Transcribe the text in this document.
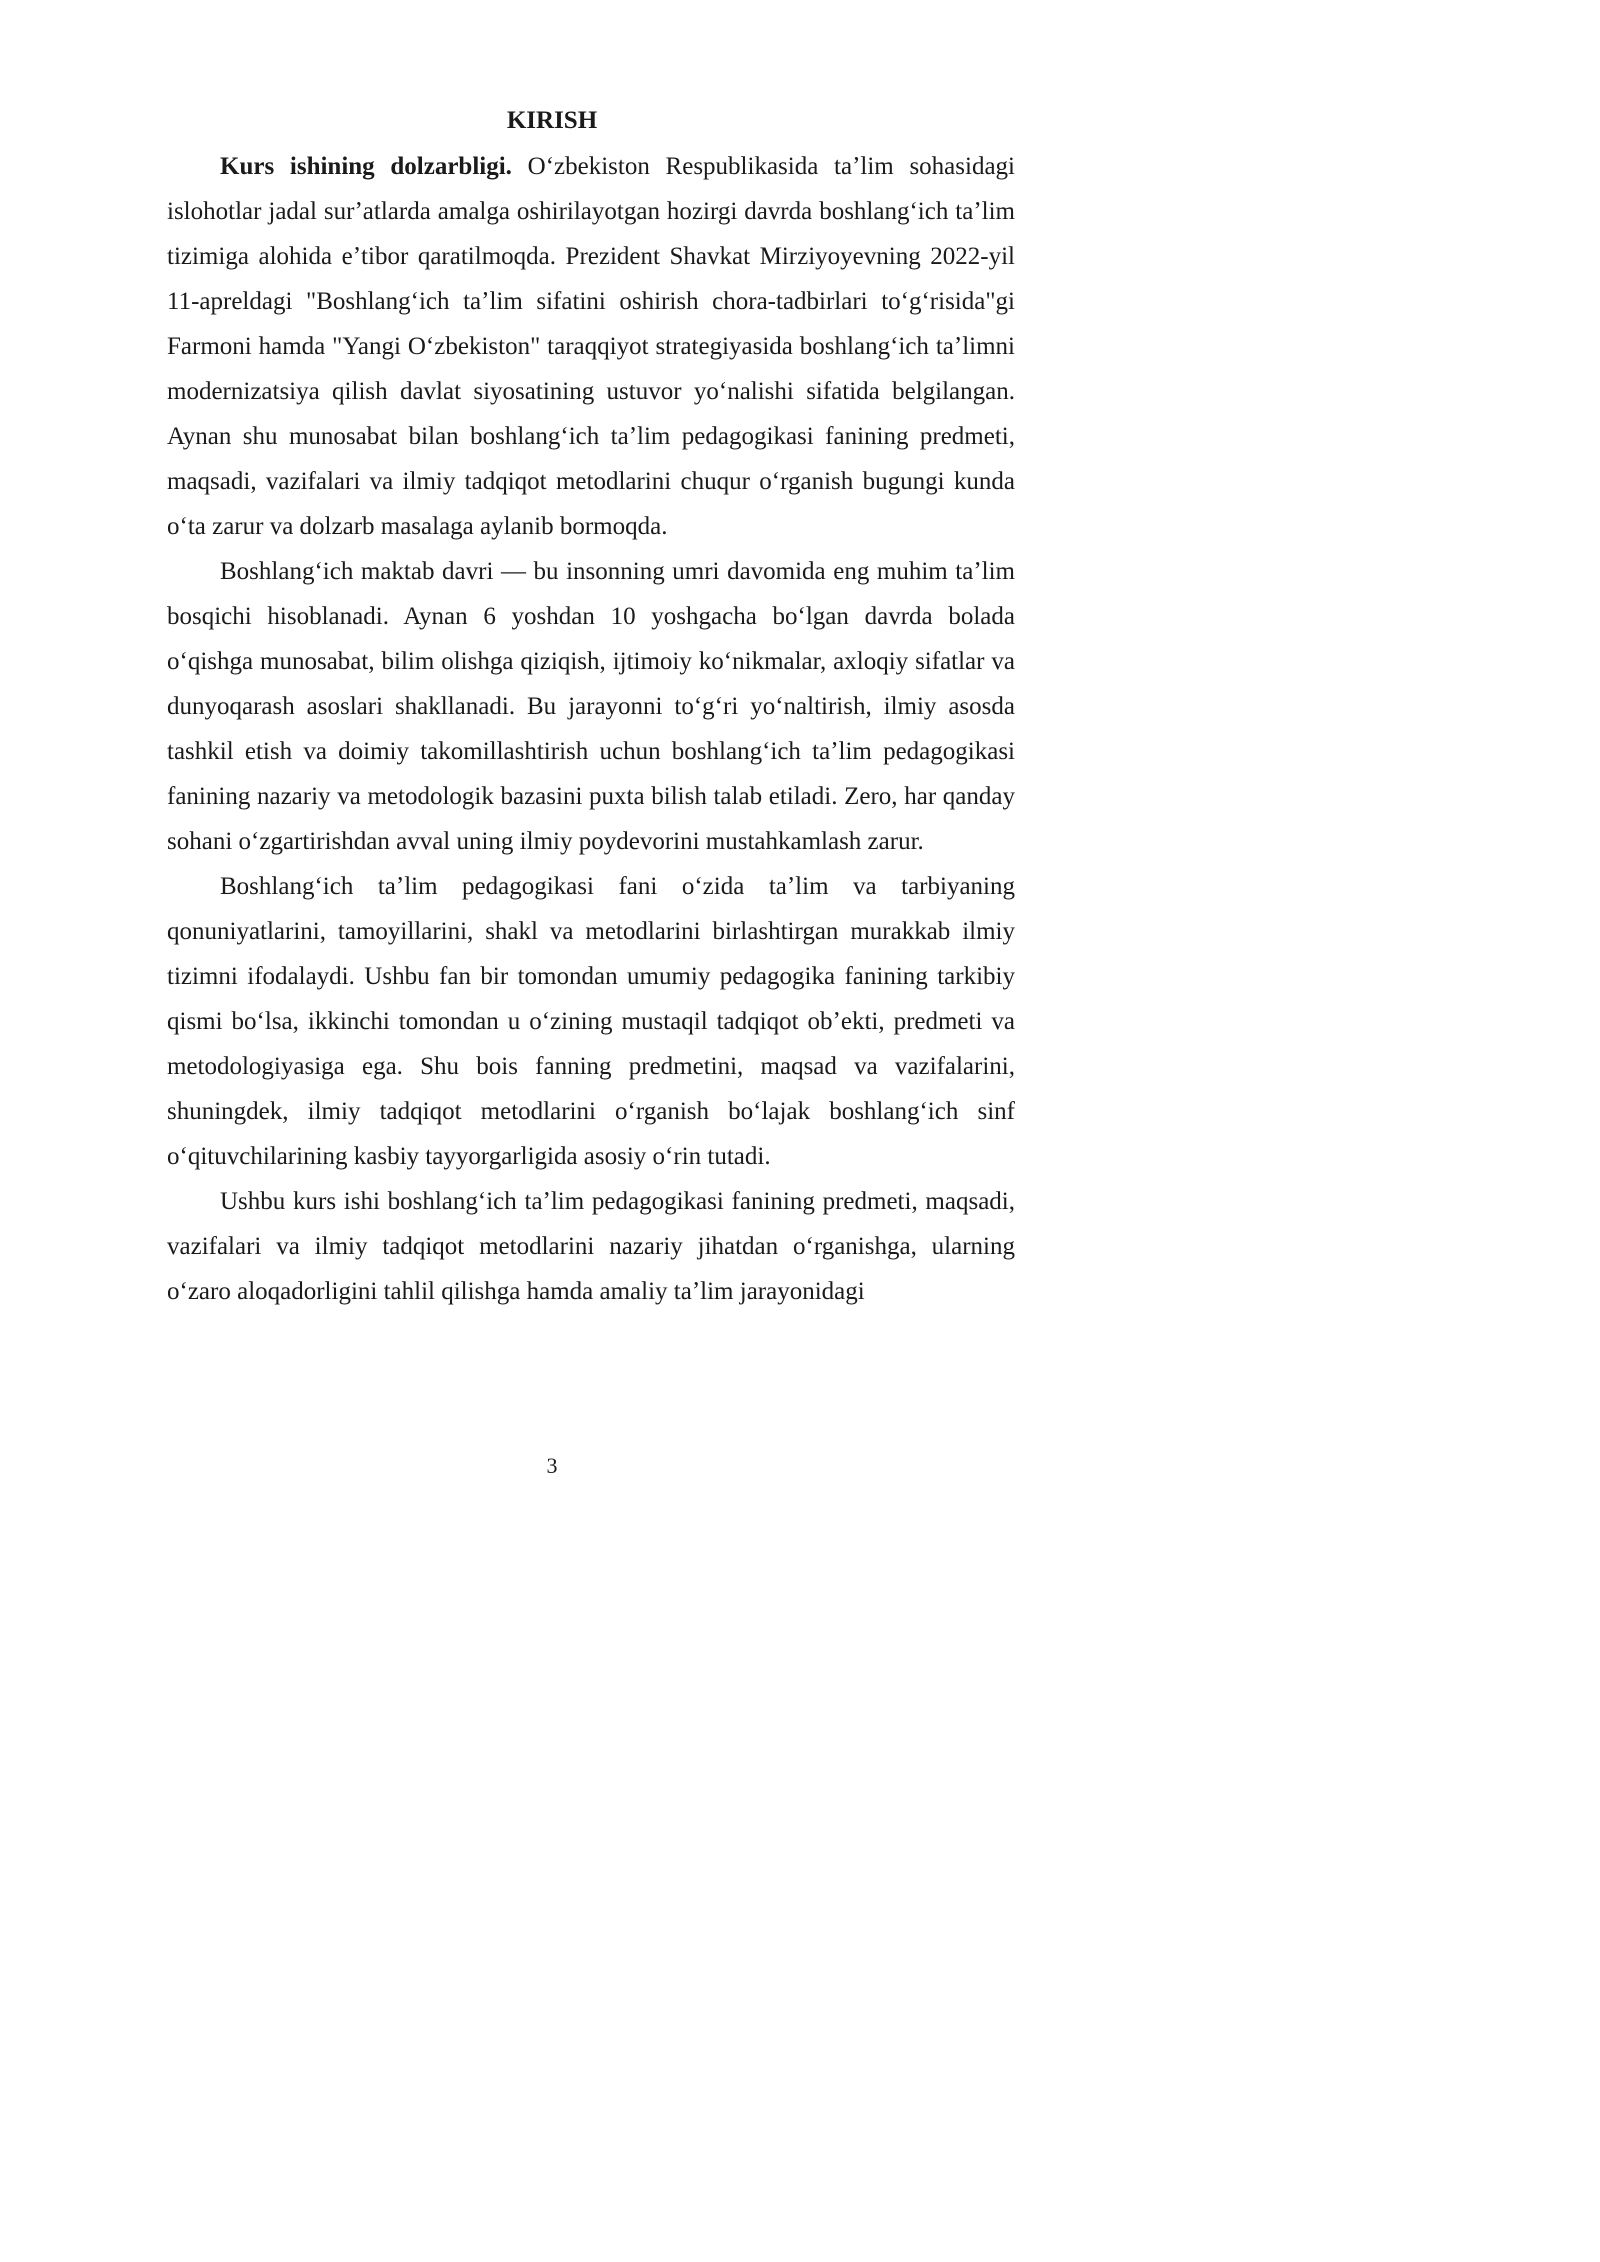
KIRISH

Kurs ishining dolzarbligi. Oʻzbekiston Respublikasida taʼlim sohasidagi islohotlar jadal surʼatlarda amalga oshirilayotgan hozirgi davrda boshlangʻich taʼlim tizimiga alohida eʼtibor qaratilmoqda. Prezident Shavkat Mirziyoyevning 2022-yil 11-apreldagi "Boshlangʻich taʼlim sifatini oshirish chora-tadbirlari toʻgʻrisida"gi Farmoni hamda "Yangi Oʻzbekiston" taraqqiyot strategiyasida boshlangʻich taʼlimni modernizatsiya qilish davlat siyosatining ustuvor yoʻnalishi sifatida belgilangan. Aynan shu munosabat bilan boshlangʻich taʼlim pedagogikasi fanining predmeti, maqsadi, vazifalari va ilmiy tadqiqot metodlarini chuqur oʻrganish bugungi kunda oʻta zarur va dolzarb masalaga aylanib bormoqda.

Boshlangʻich maktab davri — bu insonning umri davomida eng muhim taʼlim bosqichi hisoblanadi. Aynan 6 yoshdan 10 yoshgacha boʻlgan davrda bolada oʻqishga munosabat, bilim olishga qiziqish, ijtimoiy koʻnikmalar, axloqiy sifatlar va dunyoqarash asoslari shakllanadi. Bu jarayonni toʻgʻri yoʻnaltirish, ilmiy asosda tashkil etish va doimiy takomillashtirish uchun boshlangʻich taʼlim pedagogikasi fanining nazariy va metodologik bazasini puxta bilish talab etiladi. Zero, har qanday sohani oʻzgartirishdan avval uning ilmiy poydevorini mustahkamlash zarur.

Boshlangʻich taʼlim pedagogikasi fani oʻzida taʼlim va tarbiyaning qonuniyatlarini, tamoyillarini, shakl va metodlarini birlashtirgan murakkab ilmiy tizimni ifodalaydi. Ushbu fan bir tomondan umumiy pedagogika fanining tarkibiy qismi boʻlsa, ikkinchi tomondan u oʻzining mustaqil tadqiqot obʼekti, predmeti va metodologiyasiga ega. Shu bois fanning predmetini, maqsad va vazifalarini, shuningdek, ilmiy tadqiqot metodlarini oʻrganish boʻlajak boshlangʻich sinf oʻqituvchilarining kasbiy tayyorgarligida asosiy oʻrin tutadi.

Ushbu kurs ishi boshlangʻich taʼlim pedagogikasi fanining predmeti, maqsadi, vazifalari va ilmiy tadqiqot metodlarini nazariy jihatdan oʻrganishga, ularning oʻzaro aloqadorligini tahlil qilishga hamda amaliy taʼlim jarayonidagi

3
